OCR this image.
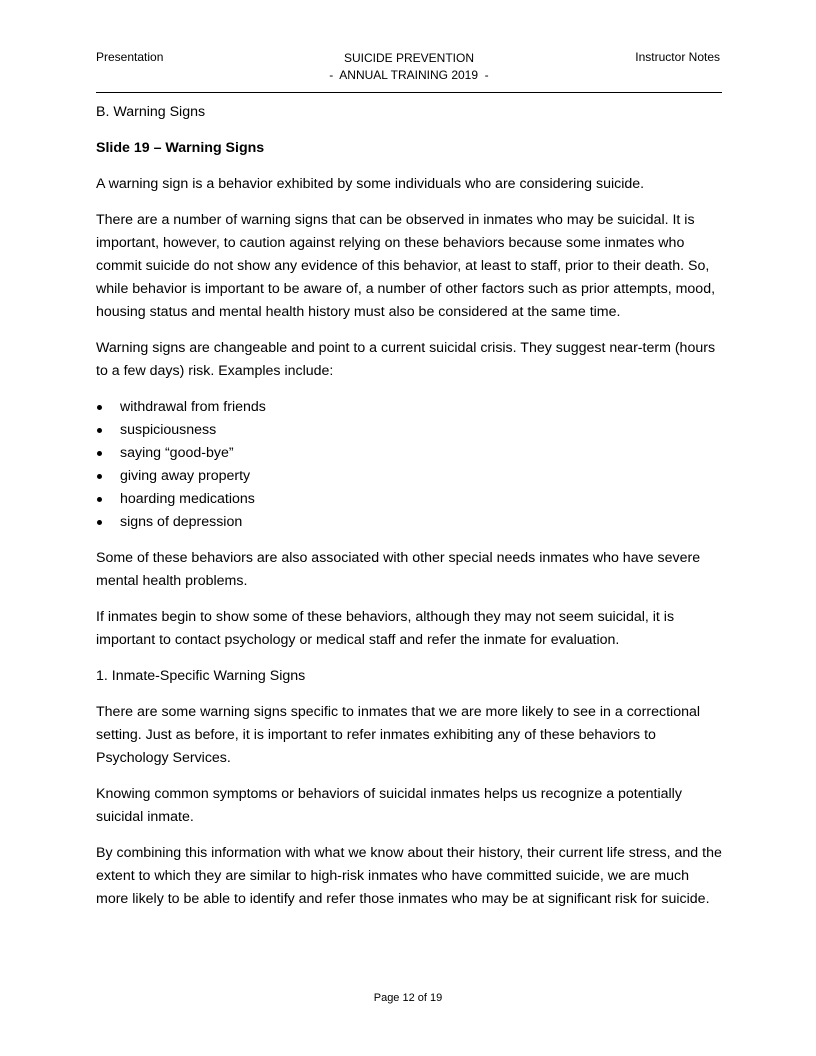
Presentation	SUICIDE PREVENTION
-  ANNUAL TRAINING 2019  -
Instructor Notes

B. Warning Signs

Slide 19 – Warning Signs

A warning sign is a behavior exhibited by some individuals who are considering suicide.

There are a number of warning signs that can be observed in inmates who may be suicidal. It is important, however, to caution against relying on these behaviors because some inmates who commit suicide do not show any evidence of this behavior, at least to staff, prior to their death. So, while behavior is important to be aware of, a number of other factors such as prior attempts, mood, housing status and mental health history must also be considered at the same time.

Warning signs are changeable and point to a current suicidal crisis. They suggest near-term (hours to a few days) risk. Examples include:

withdrawal from friends
suspiciousness
saying “good-bye”
giving away property
hoarding medications
signs of depression

Some of these behaviors are also associated with other special needs inmates who have severe mental health problems.

If inmates begin to show some of these behaviors, although they may not seem suicidal, it is important to contact psychology or medical staff and refer the inmate for evaluation.

1. Inmate-Specific Warning Signs

There are some warning signs specific to inmates that we are more likely to see in a correctional setting. Just as before, it is important to refer inmates exhibiting any of these behaviors to Psychology Services.

Knowing common symptoms or behaviors of suicidal inmates helps us recognize a potentially suicidal inmate.

By combining this information with what we know about their history, their current life stress, and the extent to which they are similar to high-risk inmates who have committed suicide, we are much more likely to be able to identify and refer those inmates who may be at significant risk for suicide.

Page 12 of 19
